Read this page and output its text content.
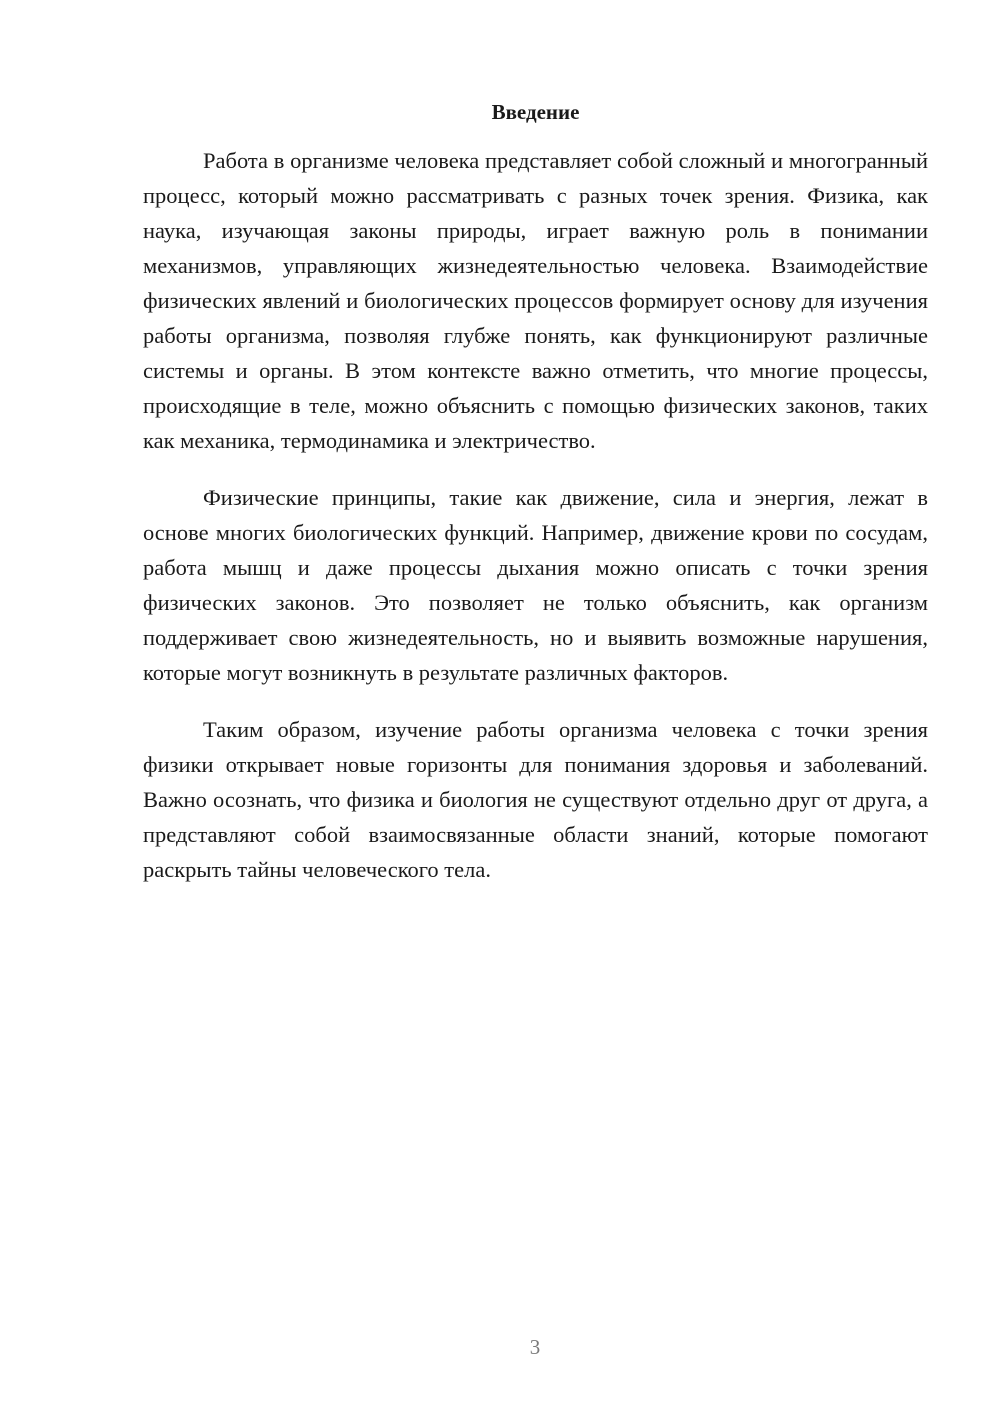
Введение

Работа в организме человека представляет собой сложный и многогранный процесс, который можно рассматривать с разных точек зрения. Физика, как наука, изучающая законы природы, играет важную роль в понимании механизмов, управляющих жизнедеятельностью человека. Взаимодействие физических явлений и биологических процессов формирует основу для изучения работы организма, позволяя глубже понять, как функционируют различные системы и органы. В этом контексте важно отметить, что многие процессы, происходящие в теле, можно объяснить с помощью физических законов, таких как механика, термодинамика и электричество.

Физические принципы, такие как движение, сила и энергия, лежат в основе многих биологических функций. Например, движение крови по сосудам, работа мышц и даже процессы дыхания можно описать с точки зрения физических законов. Это позволяет не только объяснить, как организм поддерживает свою жизнедеятельность, но и выявить возможные нарушения, которые могут возникнуть в результате различных факторов.

Таким образом, изучение работы организма человека с точки зрения физики открывает новые горизонты для понимания здоровья и заболеваний. Важно осознать, что физика и биология не существуют отдельно друг от друга, а представляют собой взаимосвязанные области знаний, которые помогают раскрыть тайны человеческого тела.

3
